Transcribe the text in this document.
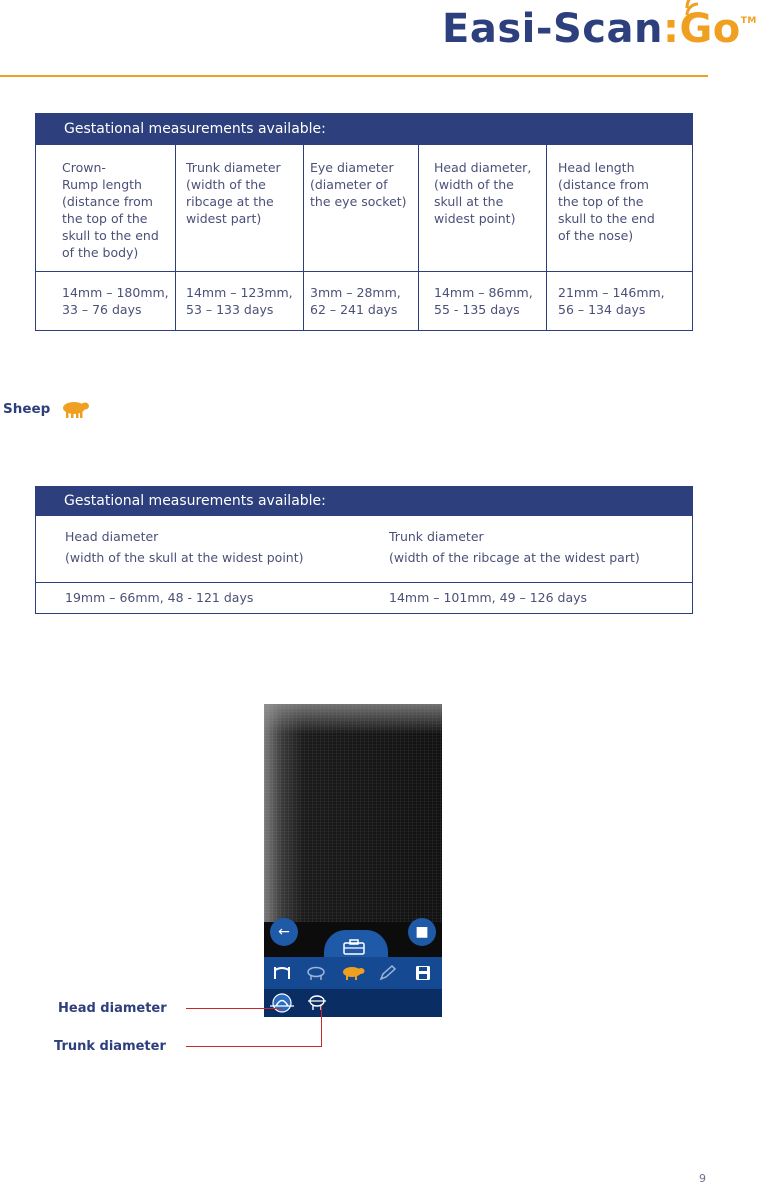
Easi-Scan:Go™
Gestational measurements available:
Crown-
Rump length
(distance from
the top of the
skull to the end
of the body)
Trunk diameter
(width of the
ribcage at the
widest part)
Eye diameter
(diameter of
the eye socket)
Head diameter,
(width of the
skull at the
widest point)
Head length
(distance from
the top of the
skull to the end
of the nose)
14mm – 180mm,
33 – 76 days
14mm – 123mm,
53 – 133 days
3mm – 28mm,
62 – 241 days
14mm – 86mm,
55 - 135 days
21mm – 146mm,
56 – 134 days
Sheep
Gestational measurements available:
Head diameter
(width of the skull at the widest point)
Trunk diameter
(width of the ribcage at the widest part)
19mm – 66mm, 48 - 121 days	14mm – 101mm, 49 – 126 days
←	■
Head diameter
Trunk diameter
9
